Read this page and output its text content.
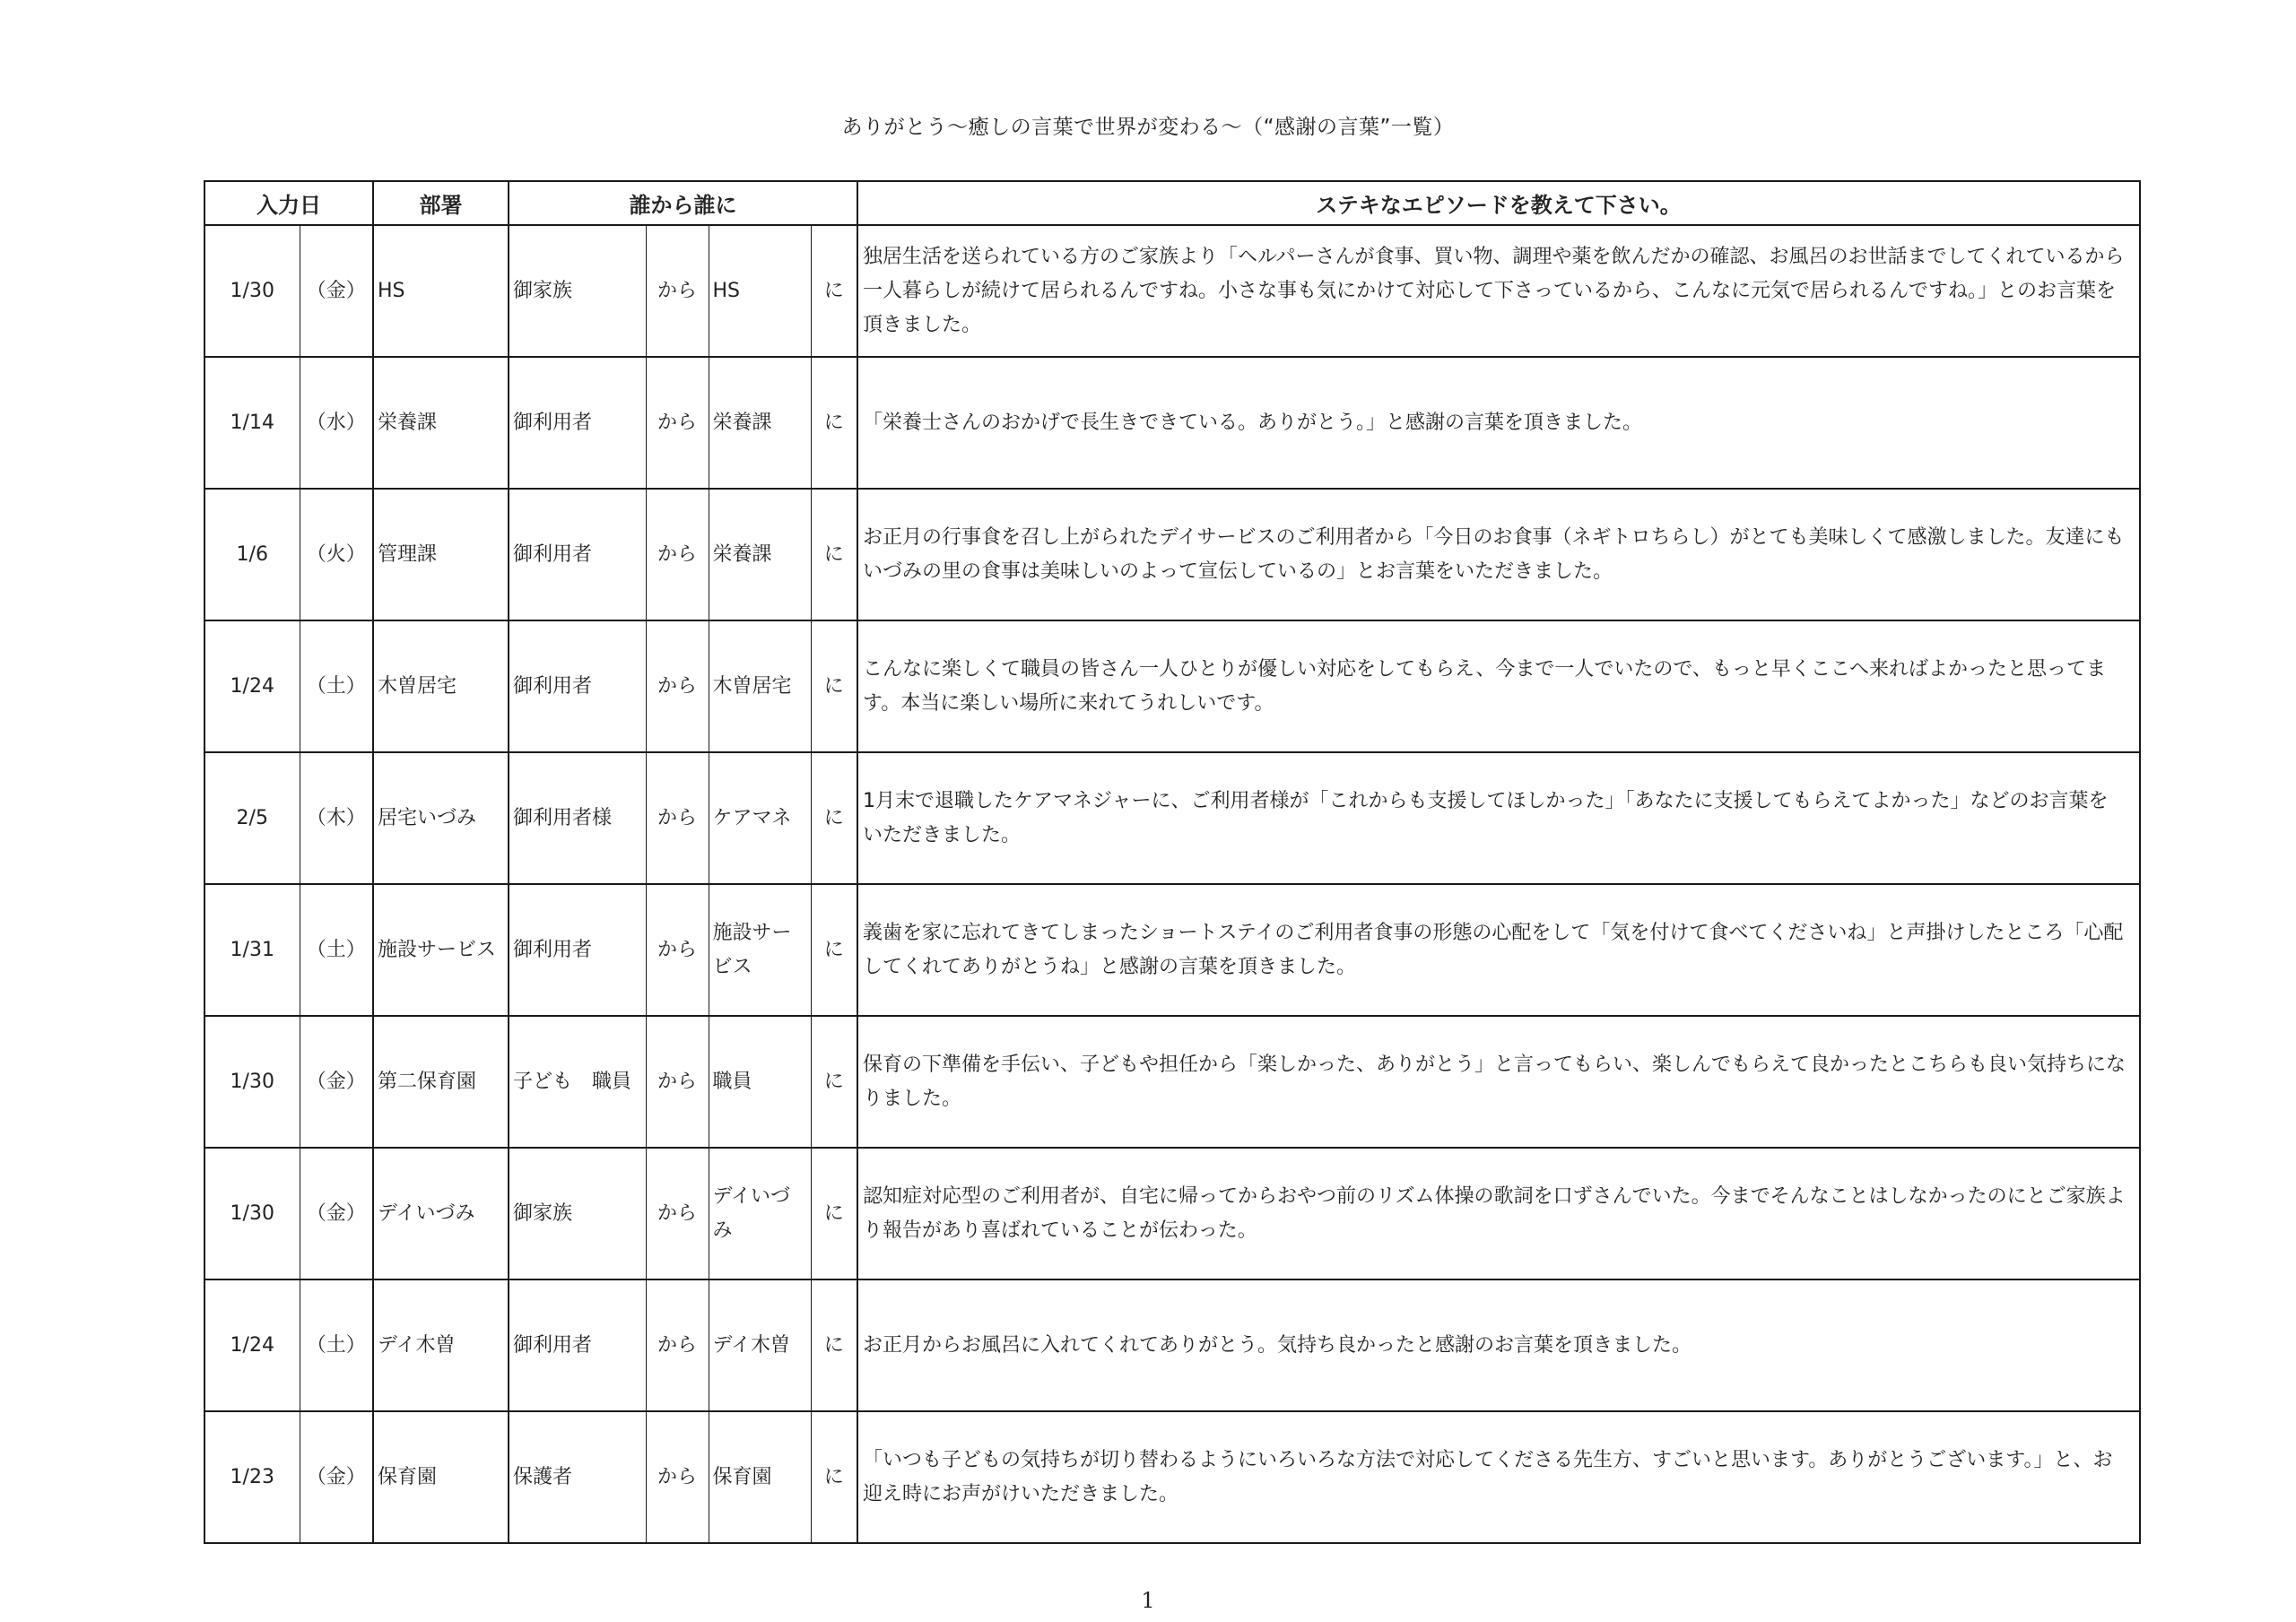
ありがとう～癒しの言葉で世界が変わる～（“感謝の言葉”一覧）
入力日		部署	誰から誰に				ステキなエピソードを教えて下さい。
1/30	（金）	HS	御家族	から	HS	に	独居生活を送られている方のご家族より「ヘルパーさんが食事、買い物、調理や薬を飲んだかの確認、お風呂のお世話までしてくれているから一人暮らしが続けて居られるんですね。小さな事も気にかけて対応して下さっているから、こんなに元気で居られるんですね。」とのお言葉を頂きました。
1/14	（水）	栄養課	御利用者	から	栄養課	に	「栄養士さんのおかげで長生きできている。ありがとう。」と感謝の言葉を頂きました。
1/6	（火）	管理課	御利用者	から	栄養課	に	お正月の行事食を召し上がられたデイサービスのご利用者から「今日のお食事（ネギトロちらし）がとても美味しくて感激しました。友達にもいづみの里の食事は美味しいのよって宣伝しているの」とお言葉をいただきました。
1/24	（土）	木曽居宅	御利用者	から	木曽居宅	に	こんなに楽しくて職員の皆さん一人ひとりが優しい対応をしてもらえ、今まで一人でいたので、もっと早くここへ来ればよかったと思ってます。本当に楽しい場所に来れてうれしいです。
2/5	（木）	居宅いづみ	御利用者様	から	ケアマネ	に	1月末で退職したケアマネジャーに、ご利用者様が「これからも支援してほしかった」「あなたに支援してもらえてよかった」などのお言葉をいただきました。
1/31	（土）	施設サービス	御利用者	から	施設サービス	に	義歯を家に忘れてきてしまったショートステイのご利用者食事の形態の心配をして「気を付けて食べてくださいね」と声掛けしたところ「心配してくれてありがとうね」と感謝の言葉を頂きました。
1/30	（金）	第二保育園	子ども　職員	から	職員	に	保育の下準備を手伝い、子どもや担任から「楽しかった、ありがとう」と言ってもらい、楽しんでもらえて良かったとこちらも良い気持ちになりました。
1/30	（金）	デイいづみ	御家族	から	デイいづみ	に	認知症対応型のご利用者が、自宅に帰ってからおやつ前のリズム体操の歌詞を口ずさんでいた。今までそんなことはしなかったのにとご家族より報告があり喜ばれていることが伝わった。
1/24	（土）	デイ木曽	御利用者	から	デイ木曽	に	お正月からお風呂に入れてくれてありがとう。気持ち良かったと感謝のお言葉を頂きました。
1/23	（金）	保育園	保護者	から	保育園	に	「いつも子どもの気持ちが切り替わるようにいろいろな方法で対応してくださる先生方、すごいと思います。ありがとうございます。」と、お迎え時にお声がけいただきました。
1
